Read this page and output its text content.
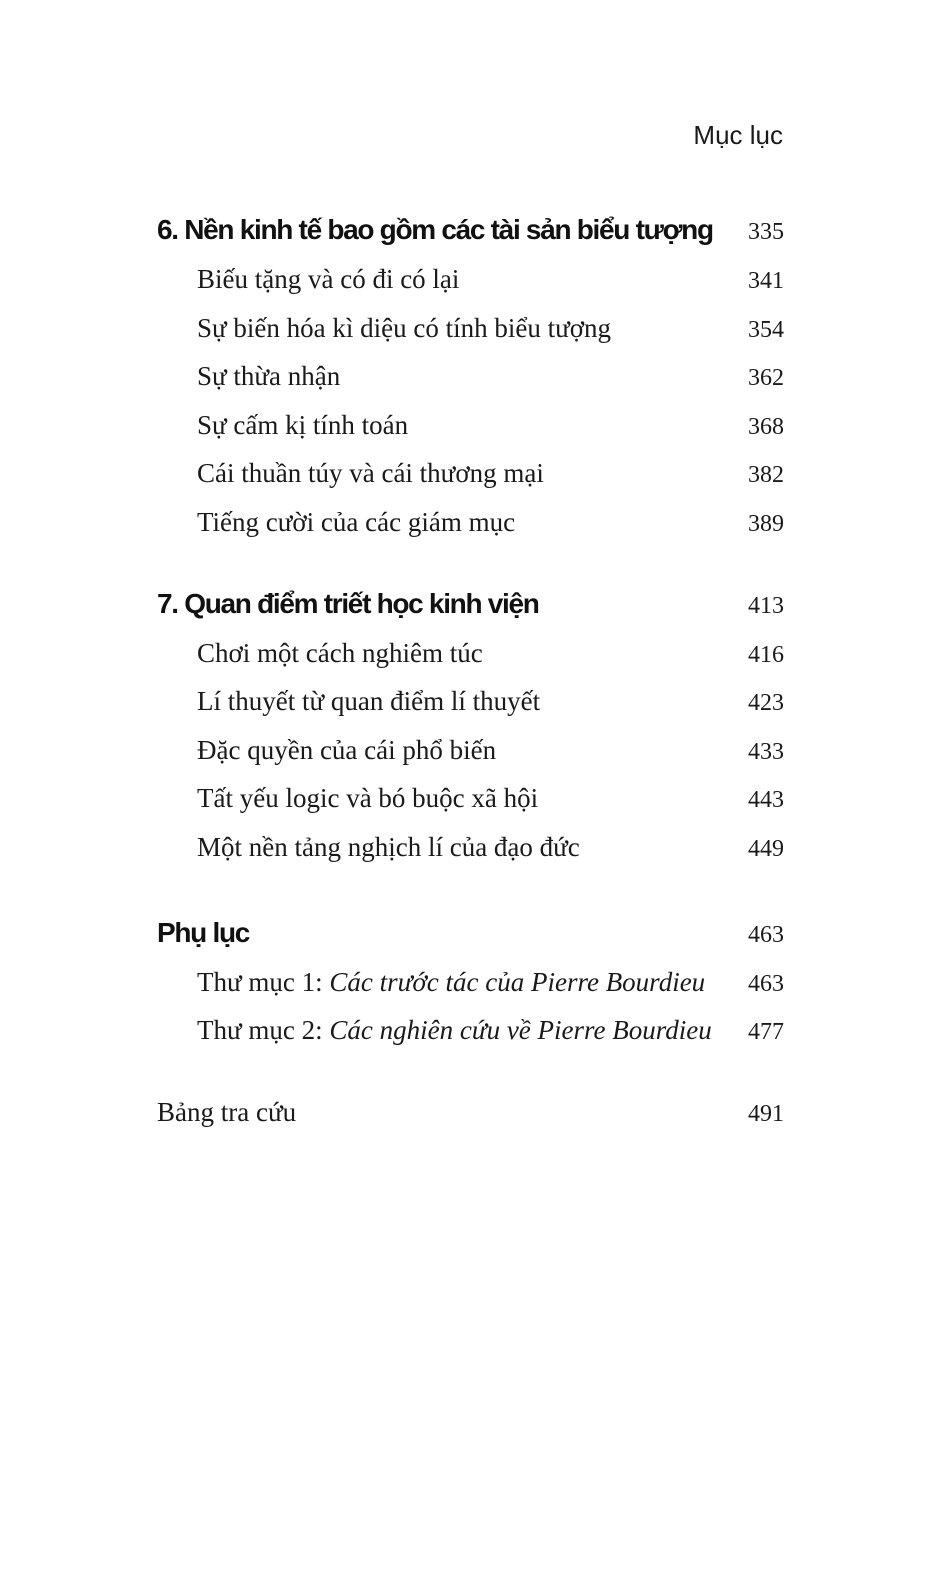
Mục lục
6. Nền kinh tế bao gồm các tài sản biểu tượng 335
Biếu tặng và có đi có lại	341
Sự biến hóa kì diệu có tính biểu tượng	354
Sự thừa nhận	362
Sự cấm kị tính toán	368
Cái thuần túy và cái thương mại	382
Tiếng cười của các giám mục	389
7. Quan điểm triết học kinh viện	413
Chơi một cách nghiêm túc	416
Lí thuyết từ quan điểm lí thuyết	423
Đặc quyền của cái phổ biến	433
Tất yếu logic và bó buộc xã hội	443
Một nền tảng nghịch lí của đạo đức	449
Phụ lục	463
Thư mục 1: Các trước tác của Pierre Bourdieu 463
Thư mục 2: Các nghiên cứu về Pierre Bourdieu 477
Bảng tra cứu	491
